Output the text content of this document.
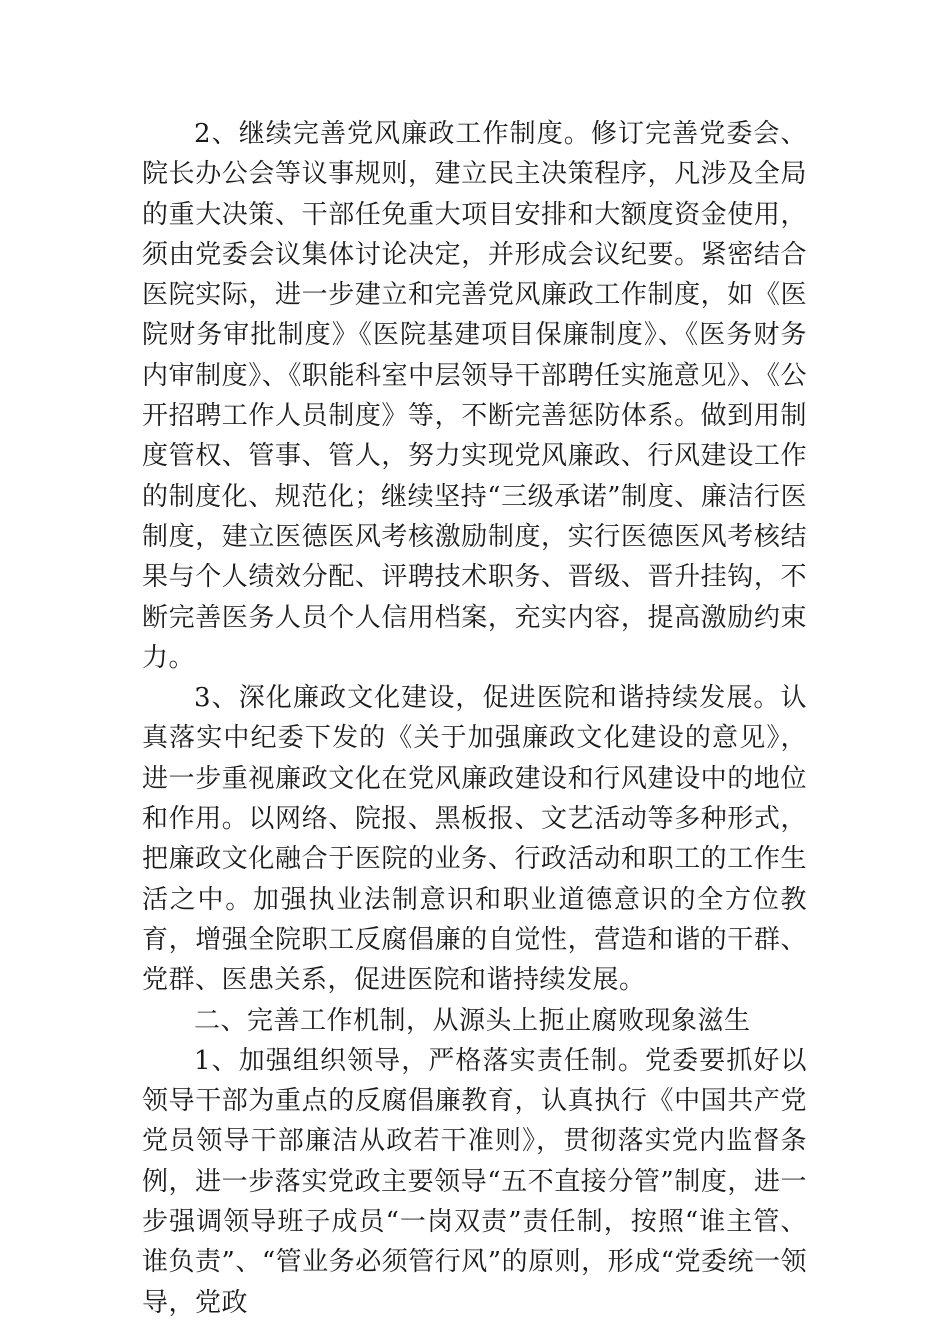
2、继续完善党风廉政工作制度。修订完善党委会、院长办公会等议事规则，建立民主决策程序，凡涉及全局的重大决策、干部任免重大项目安排和大额度资金使用，须由党委会议集体讨论决定，并形成会议纪要。紧密结合医院实际，进一步建立和完善党风廉政工作制度，如《医院财务审批制度》《医院基建项目保廉制度》、《医务财务内审制度》、《职能科室中层领导干部聘任实施意见》、《公开招聘工作人员制度》等，不断完善惩防体系。做到用制度管权、管事、管人，努力实现党风廉政、行风建设工作的制度化、规范化；继续坚持“三级承诺”制度、廉洁行医制度，建立医德医风考核激励制度，实行医德医风考核结果与个人绩效分配、评聘技术职务、晋级、晋升挂钩，不断完善医务人员个人信用档案，充实内容，提高激励约束力。

3、深化廉政文化建设，促进医院和谐持续发展。认真落实中纪委下发的《关于加强廉政文化建设的意见》，进一步重视廉政文化在党风廉政建设和行风建设中的地位和作用。以网络、院报、黑板报、文艺活动等多种形式，把廉政文化融合于医院的业务、行政活动和职工的工作生活之中。加强执业法制意识和职业道德意识的全方位教育，增强全院职工反腐倡廉的自觉性，营造和谐的干群、党群、医患关系，促进医院和谐持续发展。

二、完善工作机制，从源头上扼止腐败现象滋生

1、加强组织领导，严格落实责任制。党委要抓好以领导干部为重点的反腐倡廉教育，认真执行《中国共产党党员领导干部廉洁从政若干准则》，贯彻落实党内监督条例，进一步落实党政主要领导“五不直接分管”制度，进一步强调领导班子成员“一岗双责”责任制，按照“谁主管、谁负责”、“管业务必须管行风”的原则，形成“党委统一领导，党政
